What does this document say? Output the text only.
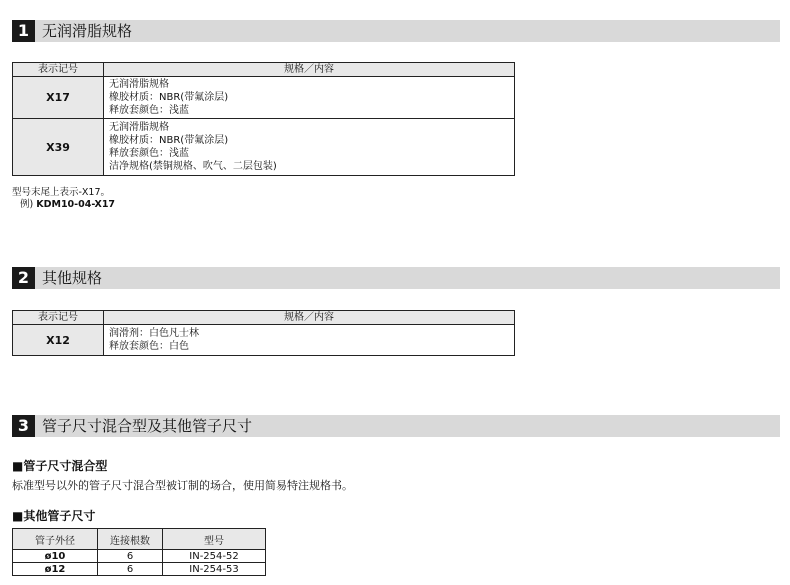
1 无润滑脂规格
表示记号	规格／内容
X17	无润滑脂规格
橡胶材质：NBR(带氟涂层)
释放套颜色：浅蓝

X39	无润滑脂规格
橡胶材质：NBR(带氟涂层)
释放套颜色：浅蓝
洁净规格(禁铜规格、吹气、二层包装)
型号末尾上表示-X17。
例) KDM10-04-X17
2 其他规格
表示记号	规格／内容
X12	润滑剂：白色凡士林
释放套颜色：白色
3 管子尺寸混合型及其他管子尺寸
■管子尺寸混合型
标准型号以外的管子尺寸混合型被订制的场合，使用简易特注规格书。
■其他管子尺寸
管子外径	连接根数	型号
ø10	6	IN-254-52
ø12	6	IN-254-53
